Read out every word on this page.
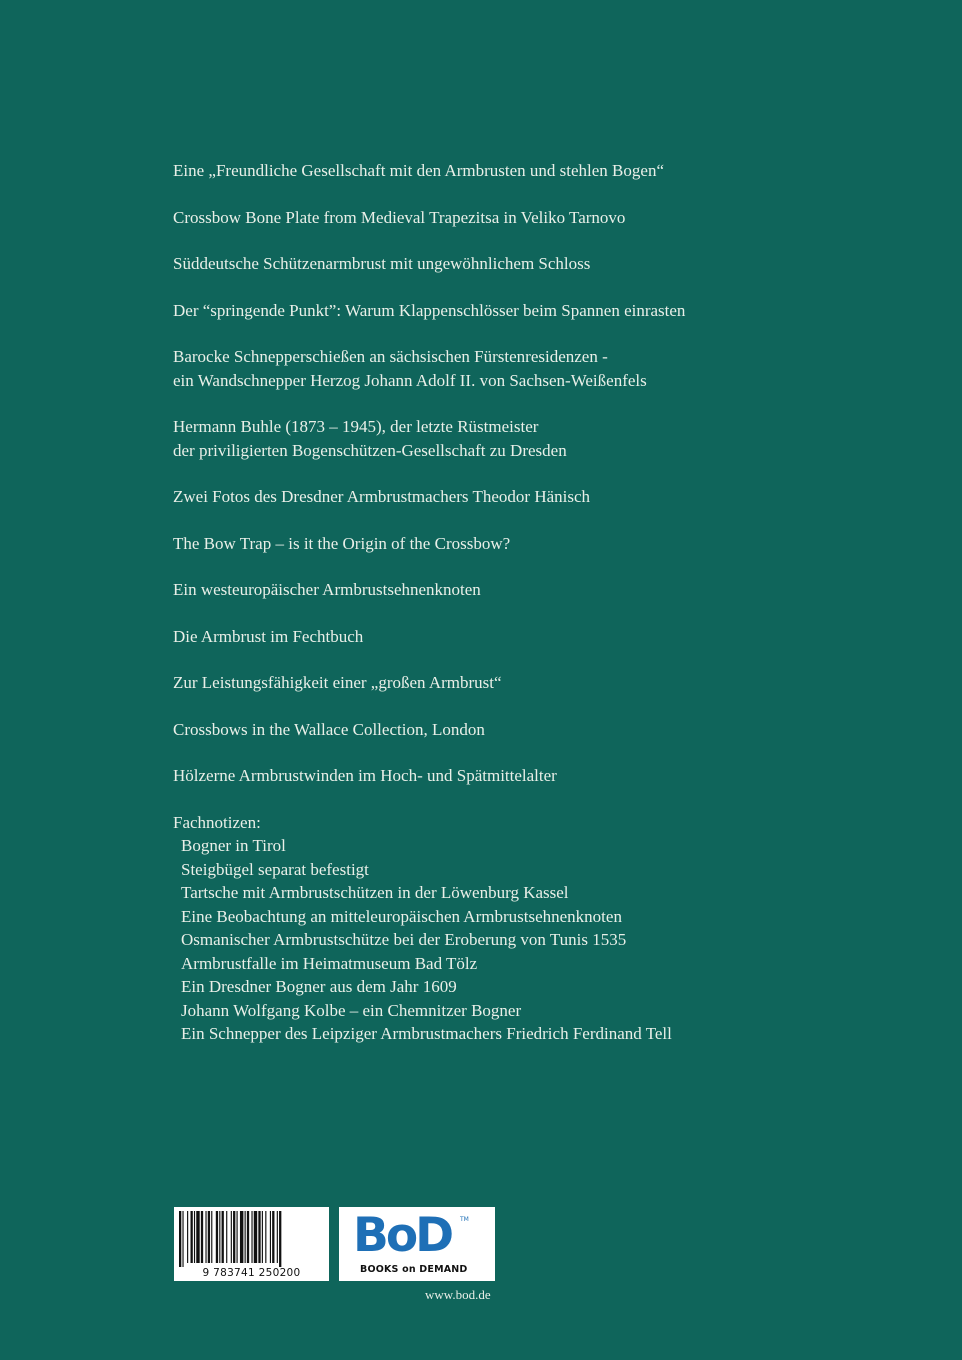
Eine „Freundliche Gesellschaft mit den Armbrusten und stehlen Bogen“
Crossbow Bone Plate from Medieval Trapezitsa in Veliko Tarnovo
Süddeutsche Schützenarmbrust mit ungewöhnlichem Schloss
Der “springende Punkt”: Warum Klappenschlösser beim Spannen einrasten
Barocke Schnepperschießen an sächsischen Fürstenresidenzen -
ein Wandschnepper Herzog Johann Adolf II. von Sachsen-Weißenfels
Hermann Buhle (1873 – 1945), der letzte Rüstmeister
der priviligierten Bogenschützen-Gesellschaft zu Dresden
Zwei Fotos des Dresdner Armbrustmachers Theodor Hänisch
The Bow Trap – is it the Origin of the Crossbow?
Ein westeuropäischer Armbrustsehnenknoten
Die Armbrust im Fechtbuch
Zur Leistungsfähigkeit einer „großen Armbrust“
Crossbows in the Wallace Collection, London
Hölzerne Armbrustwinden im Hoch- und Spätmittelalter
Fachnotizen:
Bogner in Tirol
Steigbügel separat befestigt
Tartsche mit Armbrustschützen in der Löwenburg Kassel
Eine Beobachtung an mitteleuropäischen Armbrustsehnenknoten
Osmanischer Armbrustschütze bei der Eroberung von Tunis 1535
Armbrustfalle im Heimatmuseum Bad Tölz
Ein Dresdner Bogner aus dem Jahr 1609
Johann Wolfgang Kolbe – ein Chemnitzer Bogner
Ein Schnepper des Leipziger Armbrustmachers Friedrich Ferdinand Tell
9 783741 250200
BoD TM
BOOKS on DEMAND
www.bod.de
